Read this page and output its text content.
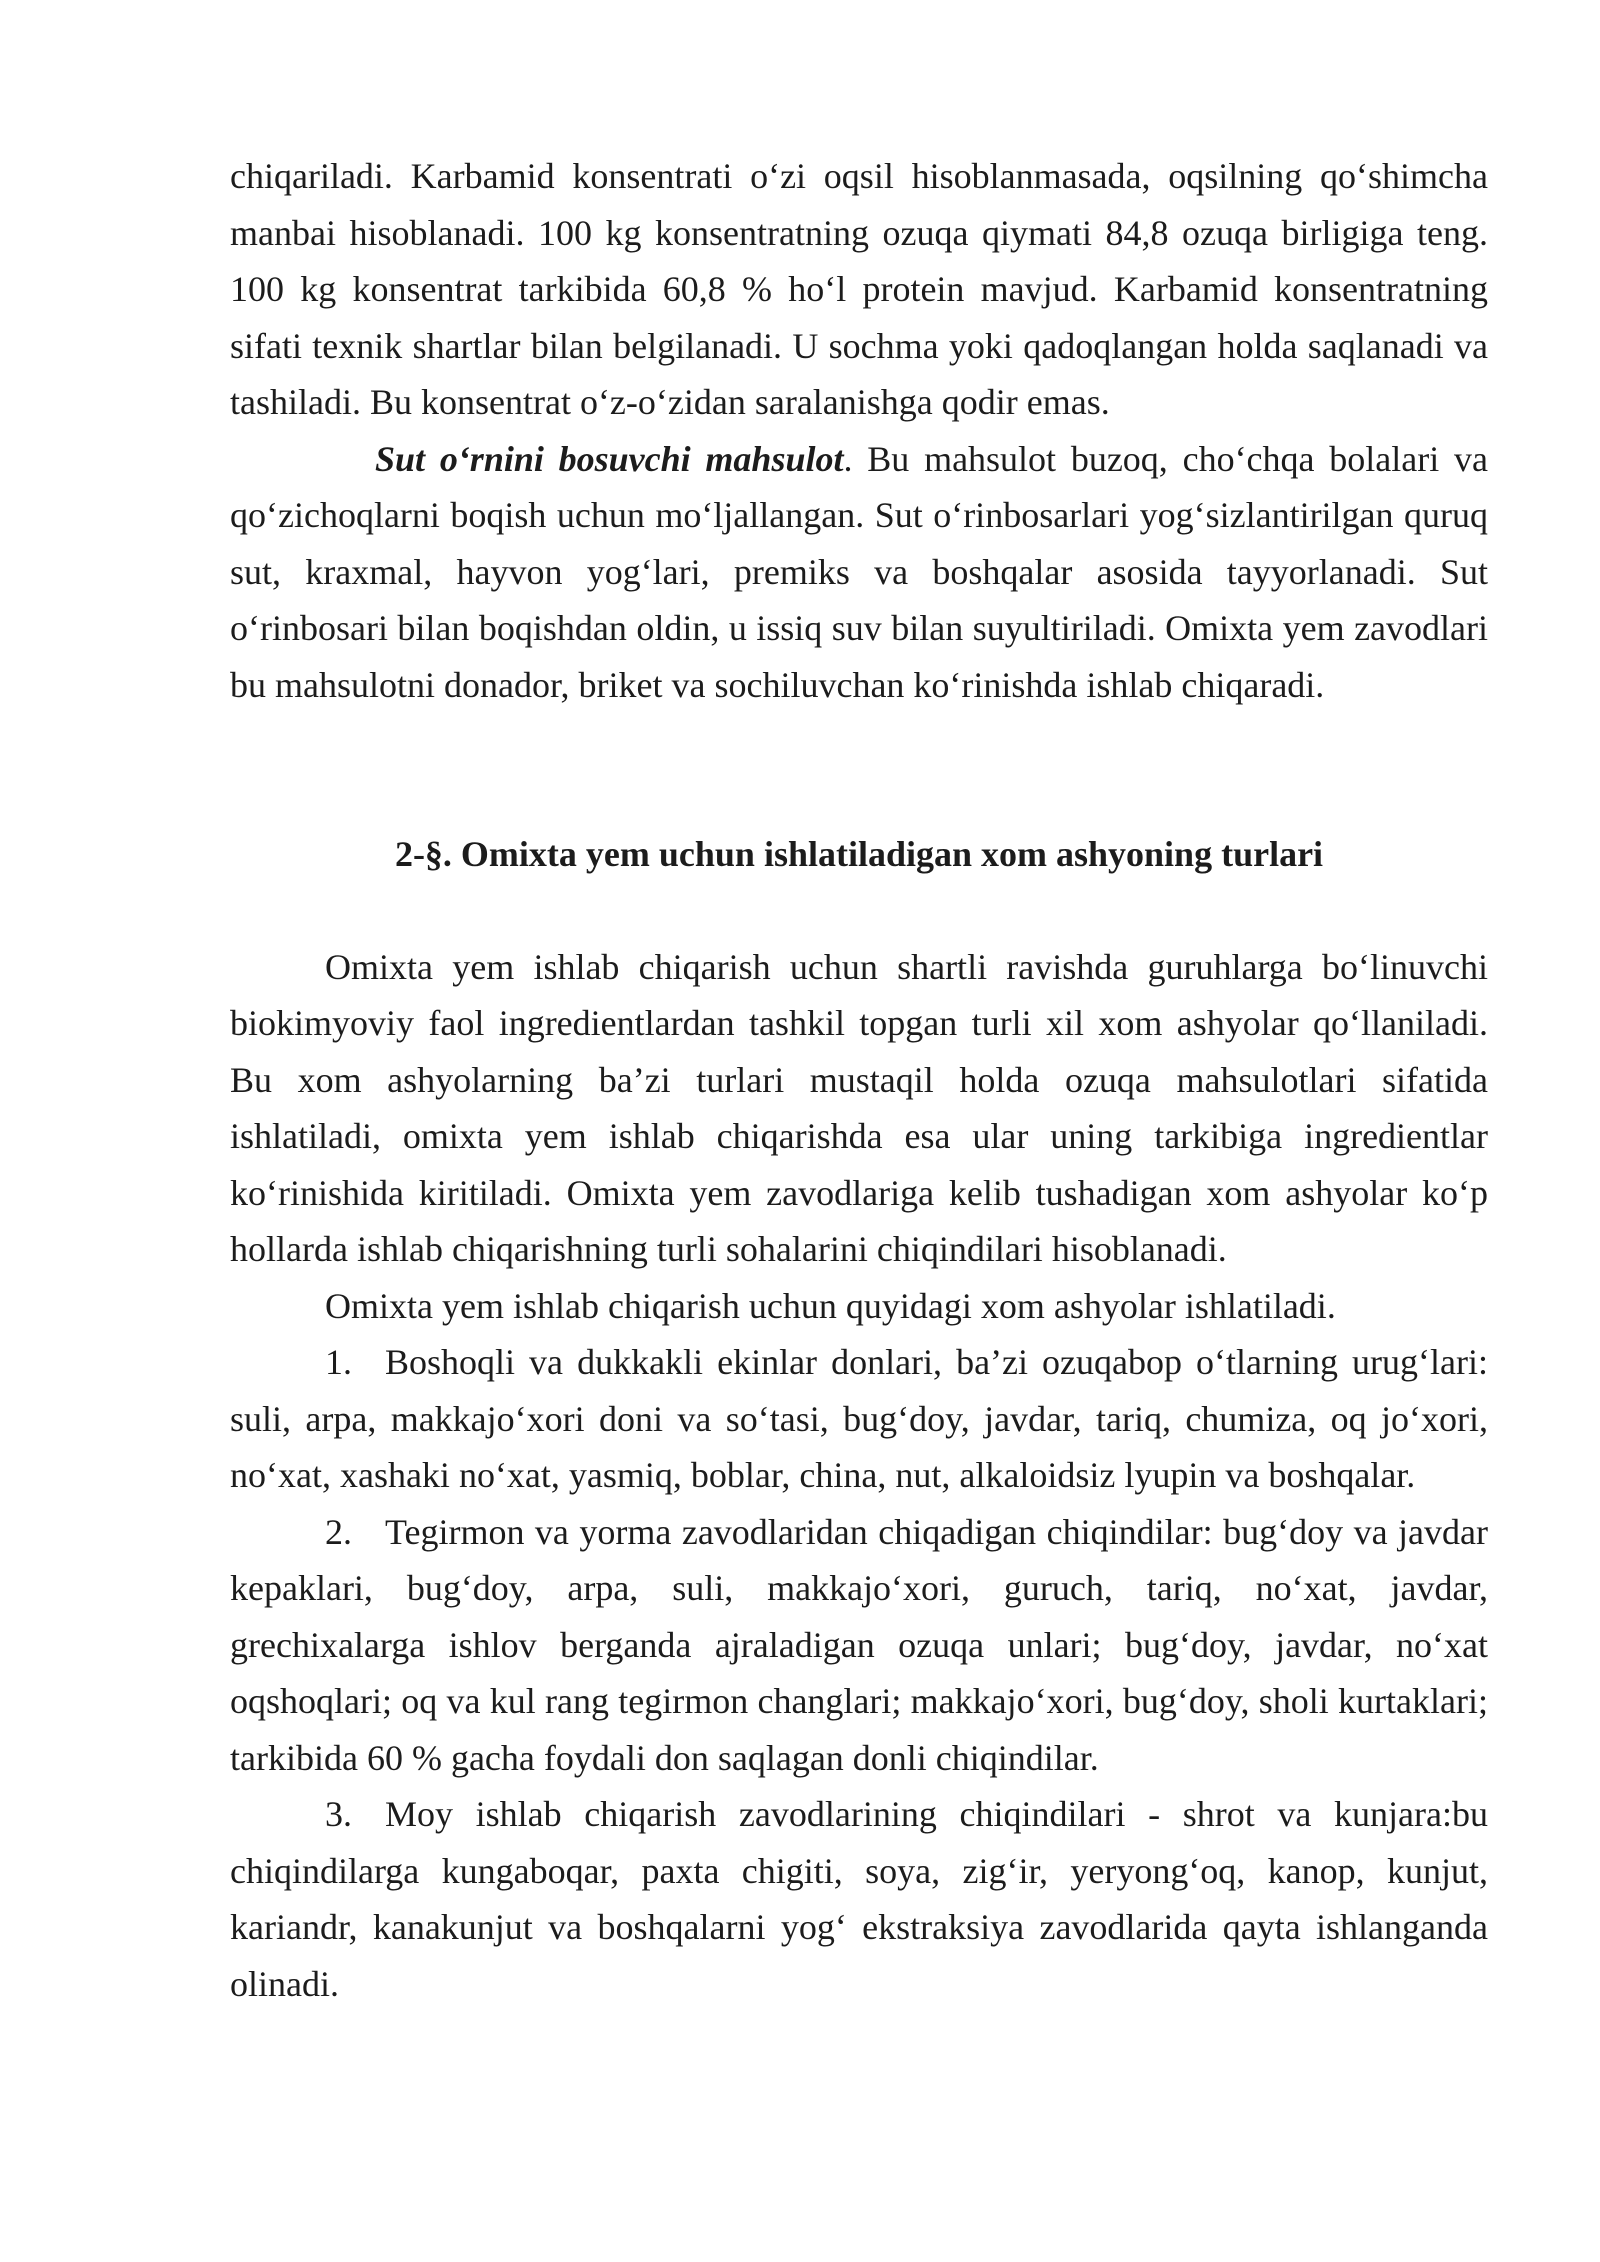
chiqariladi. Karbamid konsentrati o‘zi oqsil hisoblanmasada, oqsilning qo‘shimcha manbai hisoblanadi. 100 kg konsentratning ozuqa qiymati 84,8 ozuqa birligiga teng. 100 kg konsentrat tarkibida 60,8 % ho‘l protein mavjud. Karbamid konsentratning sifati texnik shartlar bilan belgilanadi. U sochma yoki qadoqlangan holda saqlanadi va tashiladi. Bu konsentrat o‘z-o‘zidan saralanishga qodir emas.

Sut o‘rnini bosuvchi mahsulot. Bu mahsulot buzoq, cho‘chqa bolalari va qo‘zichoqlarni boqish uchun mo‘ljallangan. Sut o‘rinbosarlari yog‘sizlantirilgan quruq sut, kraxmal, hayvon yog‘lari, premiks va boshqalar asosida tayyorlanadi. Sut o‘rinbosari bilan boqishdan oldin, u issiq suv bilan suyultiriladi. Omixta yem zavodlari bu mahsulotni donador, briket va sochiluvchan ko‘rinishda ishlab chiqaradi.

2-§. Omixta yem uchun ishlatiladigan xom ashyoning turlari

Omixta yem ishlab chiqarish uchun shartli ravishda guruhlarga bo‘linuvchi biokimyoviy faol ingredientlardan tashkil topgan turli xil xom ashyolar qo‘llaniladi. Bu xom ashyolarning ba’zi turlari mustaqil holda ozuqa mahsulotlari sifatida ishlatiladi, omixta yem ishlab chiqarishda esa ular uning tarkibiga ingredientlar ko‘rinishida kiritiladi. Omixta yem zavodlariga kelib tushadigan xom ashyolar ko‘p hollarda ishlab chiqarishning turli sohalarini chiqindilari hisoblanadi.

Omixta yem ishlab chiqarish uchun quyidagi xom ashyolar ishlatiladi.

1. Boshoqli va dukkakli ekinlar donlari, ba’zi ozuqabop o‘tlarning urug‘lari: suli, arpa, makkajo‘xori doni va so‘tasi, bug‘doy, javdar, tariq, chumiza, oq jo‘xori, no‘xat, xashaki no‘xat, yasmiq, boblar, china, nut, alkaloidsiz lyupin va boshqalar.

2. Tegirmon va yorma zavodlaridan chiqadigan chiqindilar: bug‘doy va javdar kepaklari, bug‘doy, arpa, suli, makkajo‘xori, guruch, tariq, no‘xat, javdar, grechixalarga ishlov berganda ajraladigan ozuqa unlari; bug‘doy, javdar, no‘xat oqshoqlari; oq va kul rang tegirmon changlari; makkajo‘xori, bug‘doy, sholi kurtaklari; tarkibida 60 % gacha foydali don saqlagan donli chiqindilar.

3. Moy ishlab chiqarish zavodlarining chiqindilari - shrot va kunjara:bu chiqindilarga kungaboqar, paxta chigiti, soya, zig‘ir, yeryong‘oq, kanop, kunjut, kariandr, kanakunjut va boshqalarni yog‘ ekstraksiya zavodlarida qayta ishlanganda olinadi.
